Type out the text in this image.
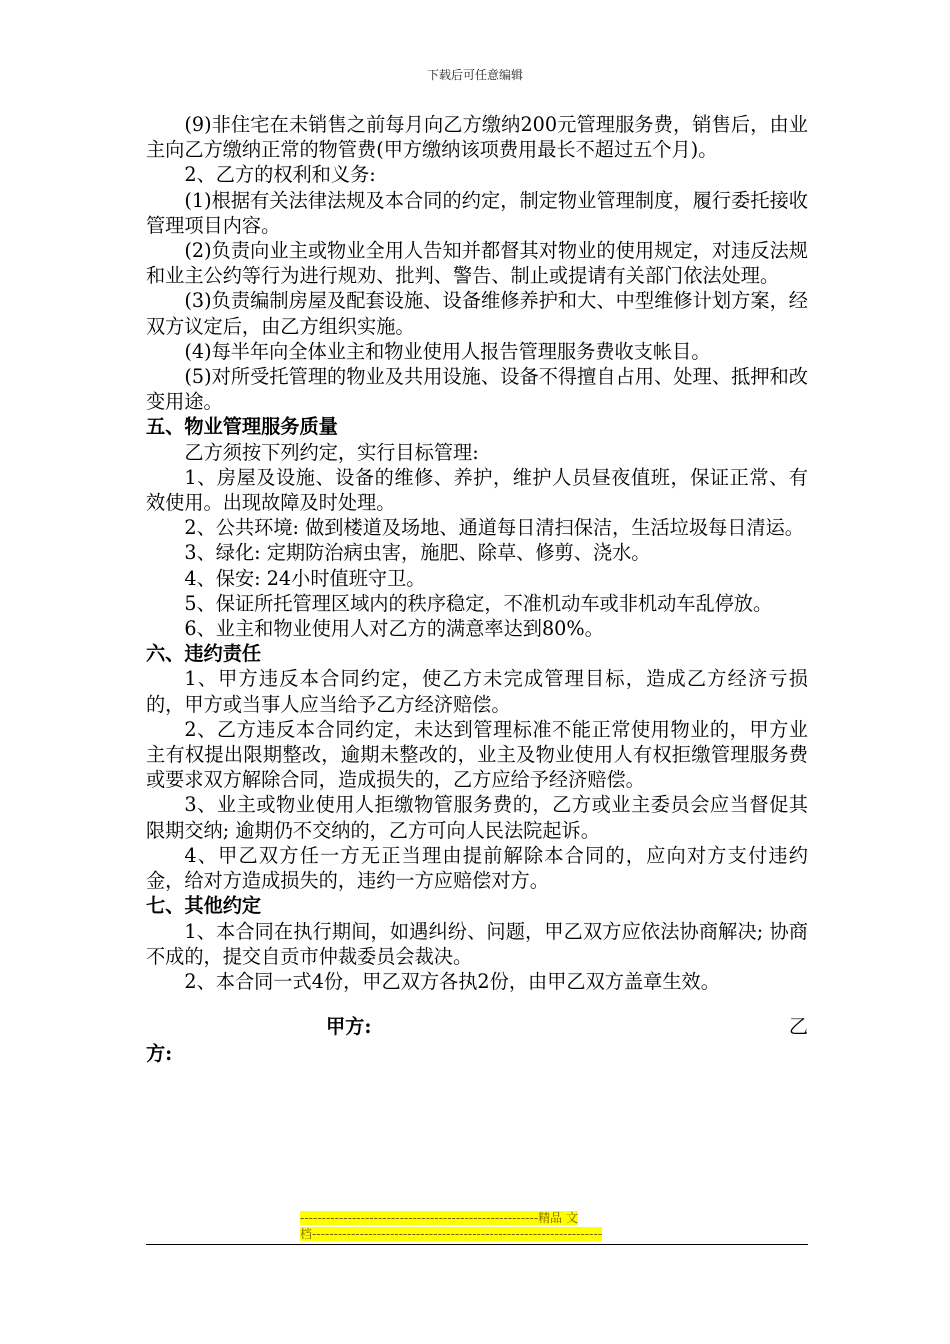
下载后可任意编辑

(9)非住宅在未销售之前每月向乙方缴纳200元管理服务费，销售后，由业主向乙方缴纳正常的物管费(甲方缴纳该项费用最长不超过五个月)。

2、乙方的权利和义务:

(1)根据有关法律法规及本合同的约定，制定物业管理制度，履行委托接收管理项目内容。

(2)负责向业主或物业全用人告知并都督其对物业的使用规定，对违反法规和业主公约等行为进行规劝、批判、警告、制止或提请有关部门依法处理。

(3)负责编制房屋及配套设施、设备维修养护和大、中型维修计划方案，经双方议定后，由乙方组织实施。

(4)每半年向全体业主和物业使用人报告管理服务费收支帐目。

(5)对所受托管理的物业及共用设施、设备不得擅自占用、处理、抵押和改变用途。

五、物业管理服务质量

乙方须按下列约定，实行目标管理:

1、房屋及设施、设备的维修、养护，维护人员昼夜值班，保证正常、有效使用。出现故障及时处理。

2、公共环境: 做到楼道及场地、通道每日清扫保洁，生活垃圾每日清运。

3、绿化: 定期防治病虫害，施肥、除草、修剪、浇水。

4、保安: 24小时值班守卫。

5、保证所托管理区域内的秩序稳定，不准机动车或非机动车乱停放。

6、业主和物业使用人对乙方的满意率达到80%。

六、违约责任

1、甲方违反本合同约定，使乙方未完成管理目标，造成乙方经济亏损的，甲方或当事人应当给予乙方经济赔偿。

2、乙方违反本合同约定，未达到管理标准不能正常使用物业的，甲方业主有权提出限期整改，逾期未整改的，业主及物业使用人有权拒缴管理服务费或要求双方解除合同，造成损失的，乙方应给予经济赔偿。

3、业主或物业使用人拒缴物管服务费的，乙方或业主委员会应当督促其限期交纳; 逾期仍不交纳的，乙方可向人民法院起诉。

4、甲乙双方任一方无正当理由提前解除本合同的，应向对方支付违约金，给对方造成损失的，违约一方应赔偿对方。

七、其他约定

1、本合同在执行期间，如遇纠纷、问题，甲乙双方应依法协商解决; 协商不成的，提交自贡市仲裁委员会裁决。

2、本合同一式4份，甲乙双方各执2份，由甲乙双方盖章生效。

甲方:	乙

方:

-------------------------------------------------------精品 文
档-------------------------------------------------------------------
